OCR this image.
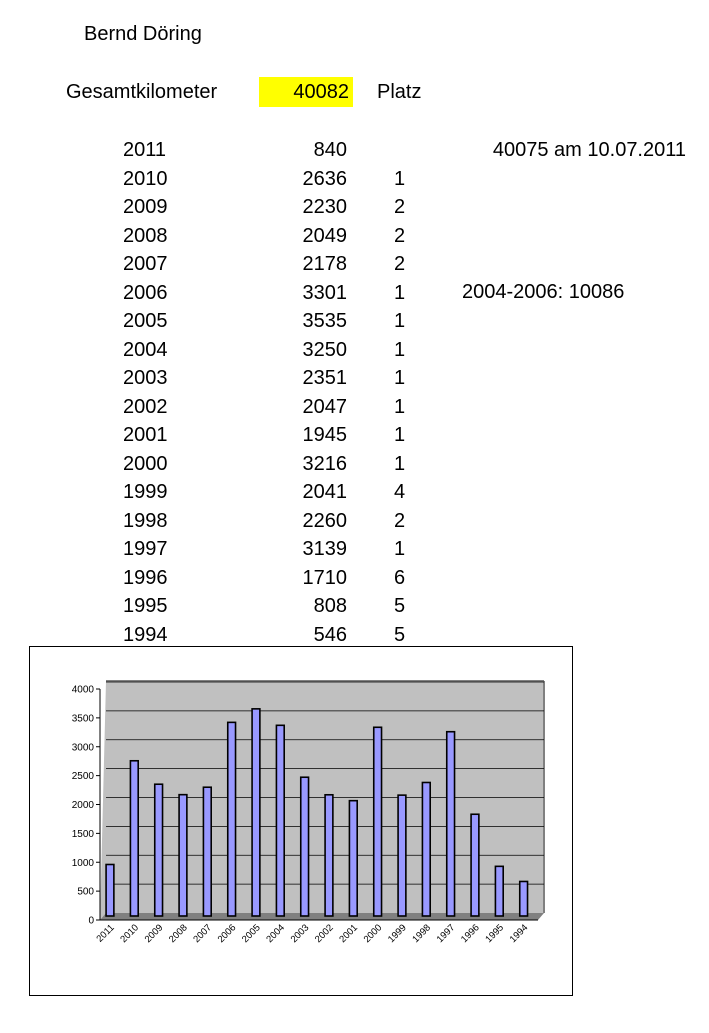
Bernd Döring
Gesamtkilometer	40082 Platz
2011	840
2010	2636 1
2009	2230 2
2008	2049 2
2007	2178 2
2006	3301 1
2005	3535 1
2004	3250 1
2003	2351 1
2002	2047 1
2001	1945 1
2000	3216 1
1999	2041 4
1998	2260 2
1997	3139 1
1996	1710 6
1995	808 5
1994	546 5
40075 am 10.07.2011
2004-2006: 10086
0
500
1000
1500
2000
2500
3000
3500
4000
2011 2010 2009 2008 2007 2006 2005 2004 2003 2002 2001 2000 1999 1998 1997 1996 1995 1994
